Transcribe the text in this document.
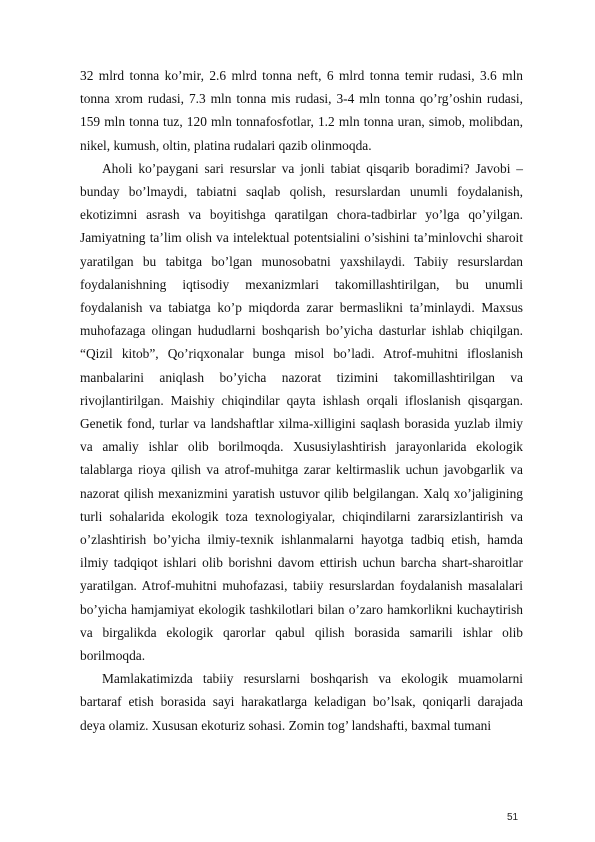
32 mlrd tonna ko’mir, 2.6 mlrd tonna neft, 6 mlrd tonna temir rudasi, 3.6 mln tonna xrom rudasi, 7.3 mln tonna mis rudasi, 3-4 mln tonna qo’rg’oshin rudasi, 159 mln tonna tuz, 120 mln tonnafosfotlar, 1.2 mln tonna uran, simob, molibdan, nikel, kumush, oltin, platina rudalari qazib olinmoqda.

Aholi ko’paygani sari resurslar va jonli tabiat qisqarib boradimi? Javobi – bunday bo’lmaydi, tabiatni saqlab qolish, resurslardan unumli foydalanish, ekotizimni asrash va boyitishga qaratilgan chora-tadbirlar yo’lga qo’yilgan. Jamiyatning ta’lim olish va intelektual potentsialini o’sishini ta’minlovchi sharoit yaratilgan bu tabitga bo’lgan munosobatni yaxshilaydi. Tabiiy resurslardan foydalanishning iqtisodiy mexanizmlari takomillashtirilgan, bu unumli foydalanish va tabiatga ko’p miqdorda zarar bermaslikni ta’minlaydi. Maxsus muhofazaga olingan hududlarni boshqarish bo’yicha dasturlar ishlab chiqilgan. “Qizil kitob”, Qo’riqxonalar bunga misol bo’ladi. Atrof-muhitni ifloslanish manbalarini aniqlash bo’yicha nazorat tizimini takomillashtirilgan va rivojlantirilgan. Maishiy chiqindilar qayta ishlash orqali ifloslanish qisqargan. Genetik fond, turlar va landshaftlar xilma-xilligini saqlash borasida yuzlab ilmiy va amaliy ishlar olib borilmoqda. Xususiylashtirish jarayonlarida ekologik talablarga rioya qilish va atrof-muhitga zarar keltirmaslik uchun javobgarlik va nazorat qilish mexanizmini yaratish ustuvor qilib belgilangan. Xalq xo’jaligining turli sohalarida ekologik toza texnologiyalar, chiqindilarni zararsizlantirish va o’zlashtirish bo’yicha ilmiy-texnik ishlanmalarni hayotga tadbiq etish, hamda ilmiy tadqiqot ishlari olib borishni davom ettirish uchun barcha shart-sharoitlar yaratilgan. Atrof-muhitni muhofazasi, tabiiy resurslardan foydalanish masalalari bo’yicha hamjamiyat ekologik tashkilotlari bilan o’zaro hamkorlikni kuchaytirish va birgalikda ekologik qarorlar qabul qilish borasida samarili ishlar olib borilmoqda.

Mamlakatimizda tabiiy resurslarni boshqarish va ekologik muamolarni bartaraf etish borasida sayi harakatlarga keladigan bo’lsak, qoniqarli darajada deya olamiz. Xususan ekoturiz sohasi. Zomin tog’ landshafti, baxmal tumani

51
